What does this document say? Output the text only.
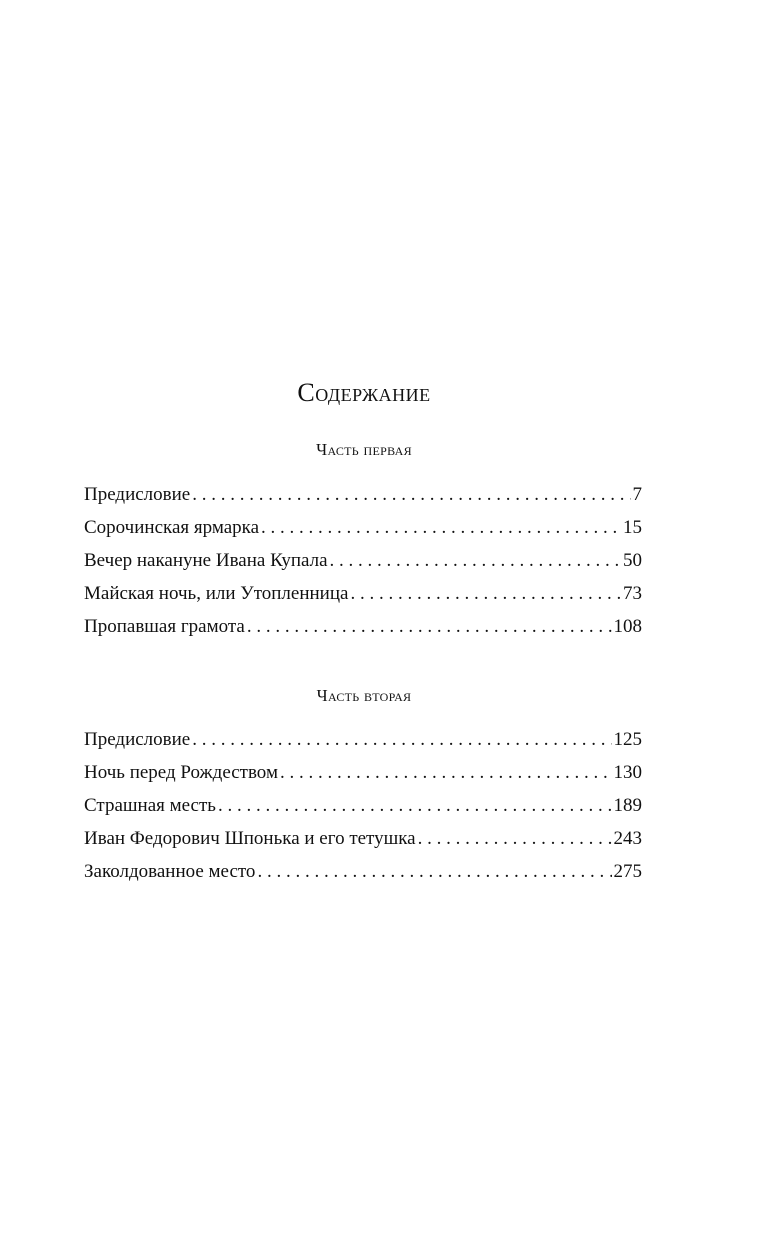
Содержание
Часть первая
Предисловие . . .	7
Сорочинская ярмарка . . .	15
Вечер накануне Ивана Купала . . .	50
Майская ночь, или Утопленница . . .	73
Пропавшая грамота . . .	108
Часть вторая
Предисловие . . .	125
Ночь перед Рождеством . . .	130
Страшная месть . . .	189
Иван Федорович Шпонька и его тетушка . . .	243
Заколдованное место . . .	275
